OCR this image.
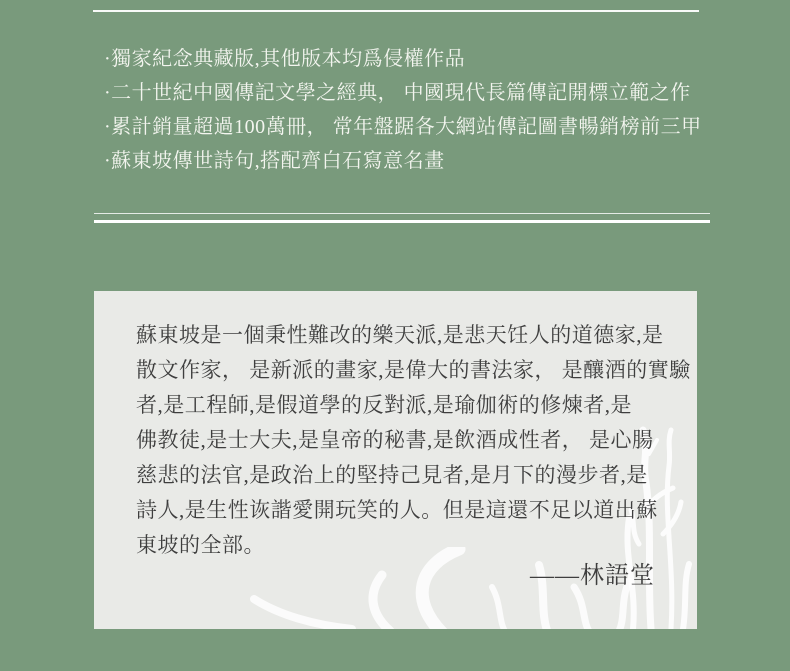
·獨家紀念典藏版,其他版本均爲侵權作品
·二十世紀中國傳記文學之經典， 中國現代長篇傳記開標立範之作
·累計銷量超過100萬冊， 常年盤踞各大網站傳記圖書暢銷榜前三甲
·蘇東坡傳世詩句,搭配齊白石寫意名畫
蘇東坡是一個秉性難改的樂天派,是悲天饪人的道德家,是
散文作家， 是新派的畫家,是偉大的書法家， 是釀酒的實驗
者,是工程師,是假道學的反對派,是瑜伽術的修煉者,是
佛教徒,是士大夫,是皇帝的秘書,是飲酒成性者， 是心腸
慈悲的法官,是政治上的堅持己見者,是月下的漫步者,是
詩人,是生性诙諧愛開玩笑的人。但是這還不足以道出蘇
東坡的全部。
——林語堂
